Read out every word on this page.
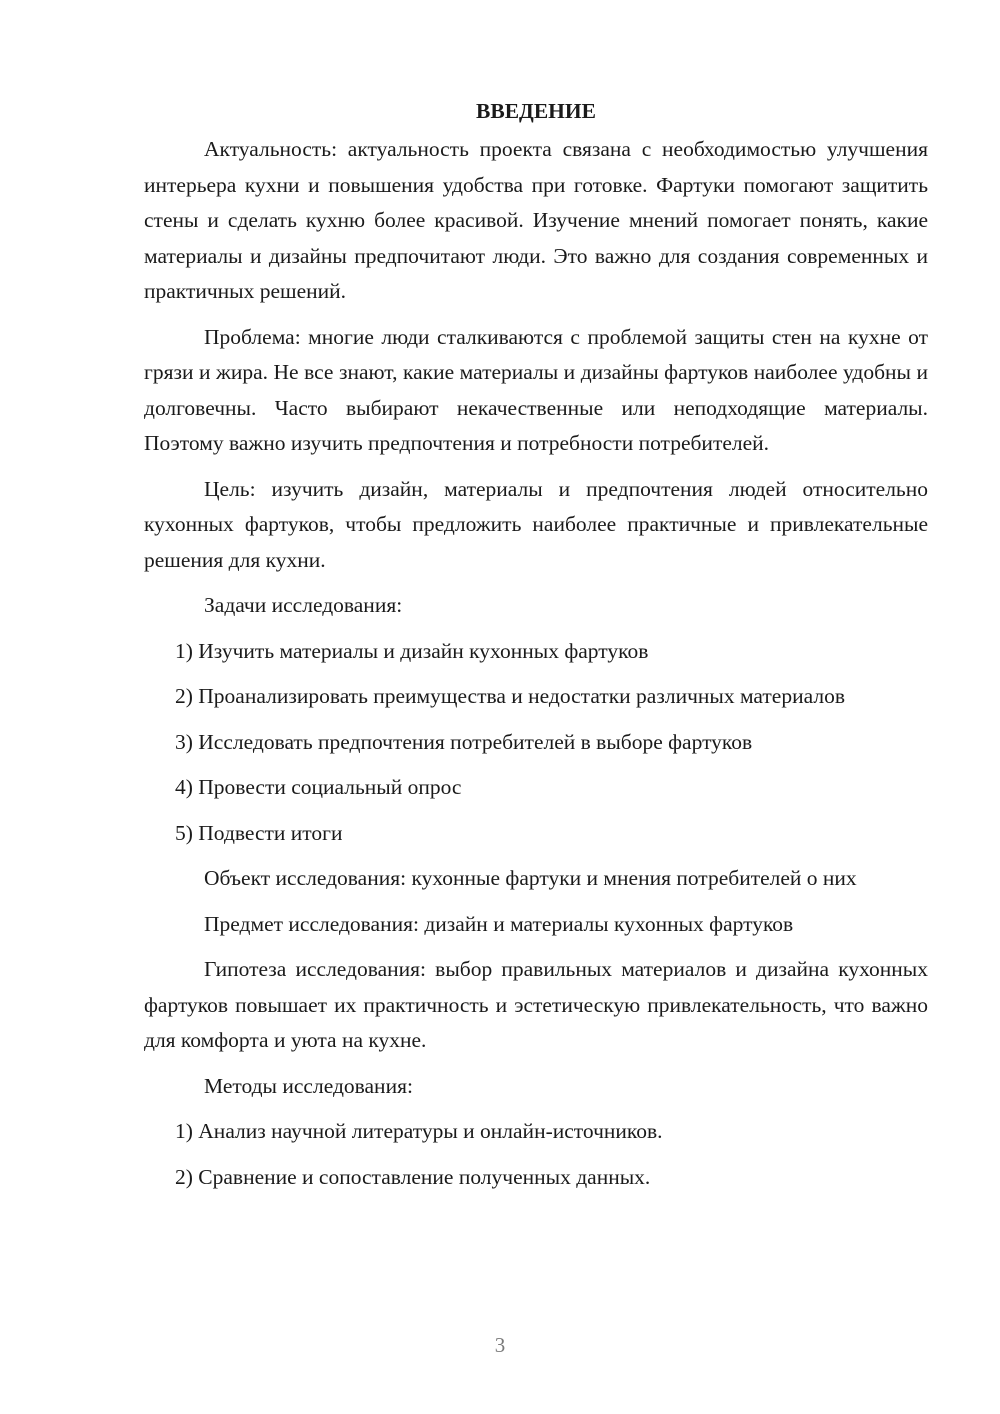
ВВЕДЕНИЕ

Актуальность: актуальность проекта связана с необходимостью улучшения интерьера кухни и повышения удобства при готовке. Фартуки помогают защитить стены и сделать кухню более красивой. Изучение мнений помогает понять, какие материалы и дизайны предпочитают люди. Это важно для создания современных и практичных решений.

Проблема: многие люди сталкиваются с проблемой защиты стен на кухне от грязи и жира. Не все знают, какие материалы и дизайны фартуков наиболее удобны и долговечны. Часто выбирают некачественные или неподходящие материалы. Поэтому важно изучить предпочтения и потребности потребителей.

Цель: изучить дизайн, материалы и предпочтения людей относительно кухонных фартуков, чтобы предложить наиболее практичные и привлекательные решения для кухни.

Задачи исследования:

1) Изучить материалы и дизайн кухонных фартуков

2) Проанализировать преимущества и недостатки различных материалов

3) Исследовать предпочтения потребителей в выборе фартуков

4) Провести социальный опрос

5) Подвести итоги

Объект исследования: кухонные фартуки и мнения потребителей о них

Предмет исследования: дизайн и материалы кухонных фартуков

Гипотеза исследования: выбор правильных материалов и дизайна кухонных фартуков повышает их практичность и эстетическую привлекательность, что важно для комфорта и уюта на кухне.

Методы исследования:

1) Анализ научной литературы и онлайн-источников.

2) Сравнение и сопоставление полученных данных.

3
